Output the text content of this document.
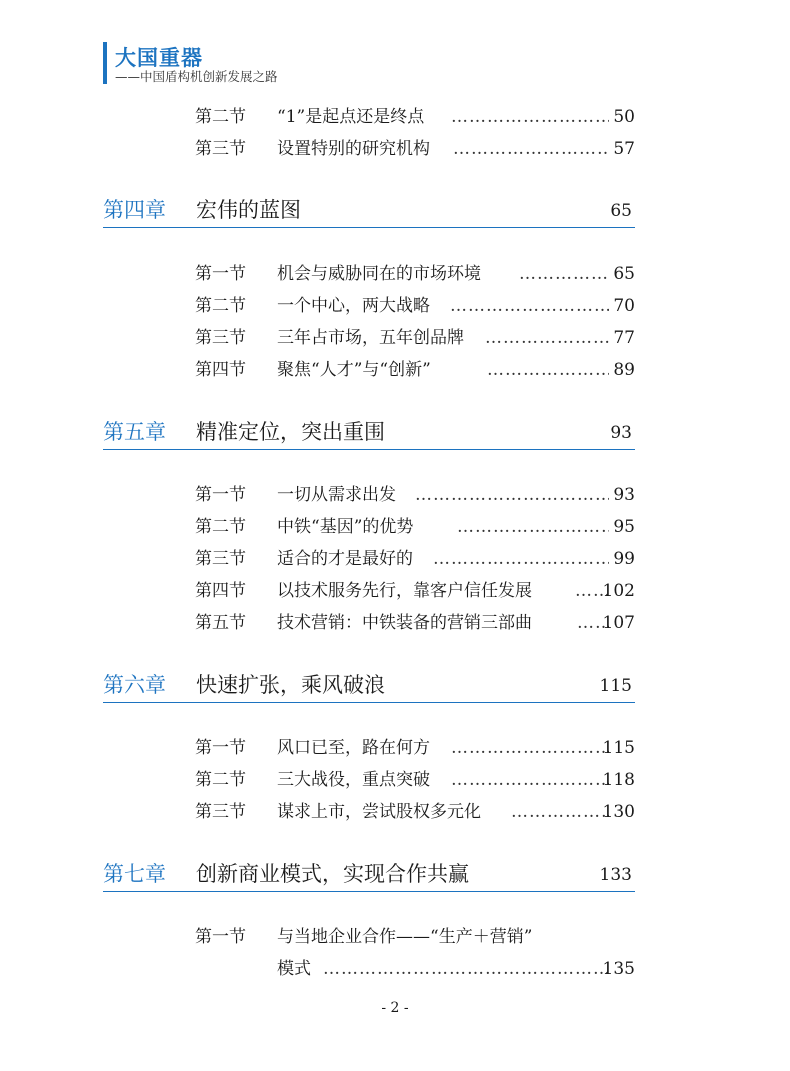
大国重器
——中国盾构机创新发展之路
第二节 “1”是起点还是终点 ……………………………………………………………………………………	50
第三节 设置特别的研究机构 ……………………………………………………………………………………	57
第四章 宏伟的蓝图	65
第一节 机会与威胁同在的市场环境 ……………………………………………………………………………………	65
第二节 一个中心，两大战略 ……………………………………………………………………………………	70
第三节 三年占市场，五年创品牌 ……………………………………………………………………………………	77
第四节 聚焦“人才”与“创新” ……………………………………………………………………………………	89
第五章 精准定位，突出重围	93
第一节 一切从需求出发 ……………………………………………………………………………………	93
第二节 中铁“基因”的优势 ……………………………………………………………………………………	95
第三节 适合的才是最好的 ……………………………………………………………………………………	99
第四节 以技术服务先行，靠客户信任发展 ……………………………………………………………………………………	102
第五节 技术营销：中铁装备的营销三部曲 ……………………………………………………………………………………	107
第六章 快速扩张，乘风破浪	115
第一节 风口已至，路在何方 ……………………………………………………………………………………	115
第二节 三大战役，重点突破 ……………………………………………………………………………………	118
第三节 谋求上市，尝试股权多元化 ……………………………………………………………………………………	130
第七章 创新商业模式，实现合作共赢	133
第一节 与当地企业合作——“生产＋营销”
模式 ……………………………………………………………………………………	135
- 2 -
